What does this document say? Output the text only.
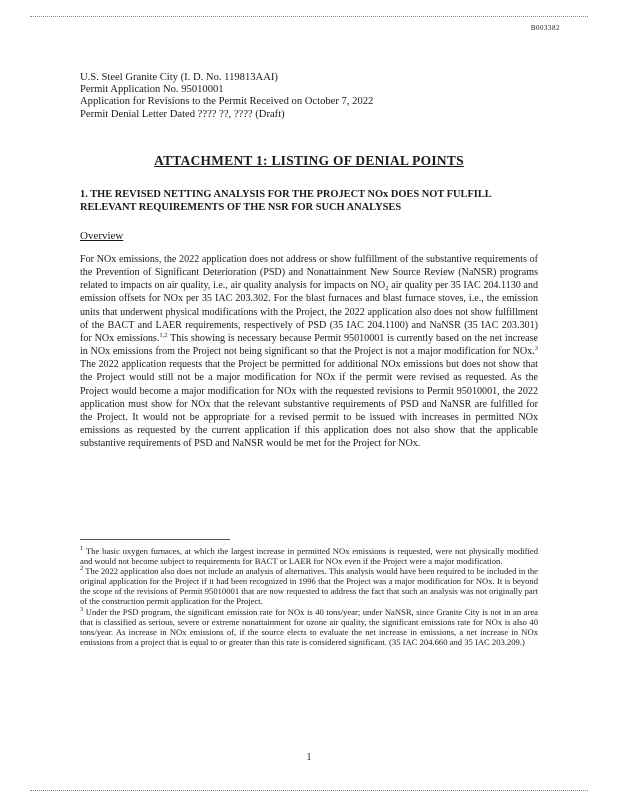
B003382
U.S. Steel Granite City (I. D. No. 119813AAI)
Permit Application No. 95010001
Application for Revisions to the Permit Received on October 7, 2022
Permit Denial Letter Dated ???? ??, ???? (Draft)
ATTACHMENT 1: LISTING OF DENIAL POINTS
1. THE REVISED NETTING ANALYSIS FOR THE PROJECT NOx DOES NOT FULFILL RELEVANT REQUIREMENTS OF THE NSR FOR SUCH ANALYSES
Overview
For NOx emissions, the 2022 application does not address or show fulfillment of the substantive requirements of the Prevention of Significant Deterioration (PSD) and Nonattainment New Source Review (NaNSR) programs related to impacts on air quality, i.e., air quality analysis for impacts on NO₂ air quality per 35 IAC 204.1130 and emission offsets for NOx per 35 IAC 203.302. For the blast furnaces and blast furnace stoves, i.e., the emission units that underwent physical modifications with the Project, the 2022 application also does not show fulfillment of the BACT and LAER requirements, respectively of PSD (35 IAC 204.1100) and NaNSR (35 IAC 203.301) for NOx emissions.$^{1,2}$ This showing is necessary because Permit 95010001 is currently based on the net increase in NOx emissions from the Project not being significant so that the Project is not a major modification for NOx.$^3$ The 2022 application requests that the Project be permitted for additional NOx emissions but does not show that the Project would still not be a major modification for NOx if the permit were revised as requested. As the Project would become a major modification for NOx with the requested revisions to Permit 95010001, the 2022 application must show for NOx that the relevant substantive requirements of PSD and NaNSR are fulfilled for the Project. It would not be appropriate for a revised permit to be issued with increases in permitted NOx emissions as requested by the current application if this application does not also show that the applicable substantive requirements of PSD and NaNSR would be met for the Project for NOx.

$^1$ The basic oxygen furnaces, at which the largest increase in permitted NOx emissions is requested, were not physically modified and would not become subject to requirements for BACT or LAER for NOx even if the Project were a major modification.

$^2$ The 2022 application also does not include an analysis of alternatives. This analysis would have been required to be included in the original application for the Project if it had been recognized in 1996 that the Project was a major modification for NOx. It is beyond the scope of the revisions of Permit 95010001 that are now requested to address the fact that such an analysis was not originally part of the construction permit application for the Project.

$^3$ Under the PSD program, the significant emission rate for NOx is 40 tons/year; under NaNSR, since Granite City is not in an area that is classified as serious, severe or extreme nonattainment for ozone air quality, the significant emissions rate for NOx is also 40 tons/year. As increase in NOx emissions of, if the source elects to evaluate the net increase in emissions, a net increase in NOx emissions from a project that is equal to or greater than this rate is considered significant. (35 IAC 204.660 and 35 IAC 203.209.)

1
